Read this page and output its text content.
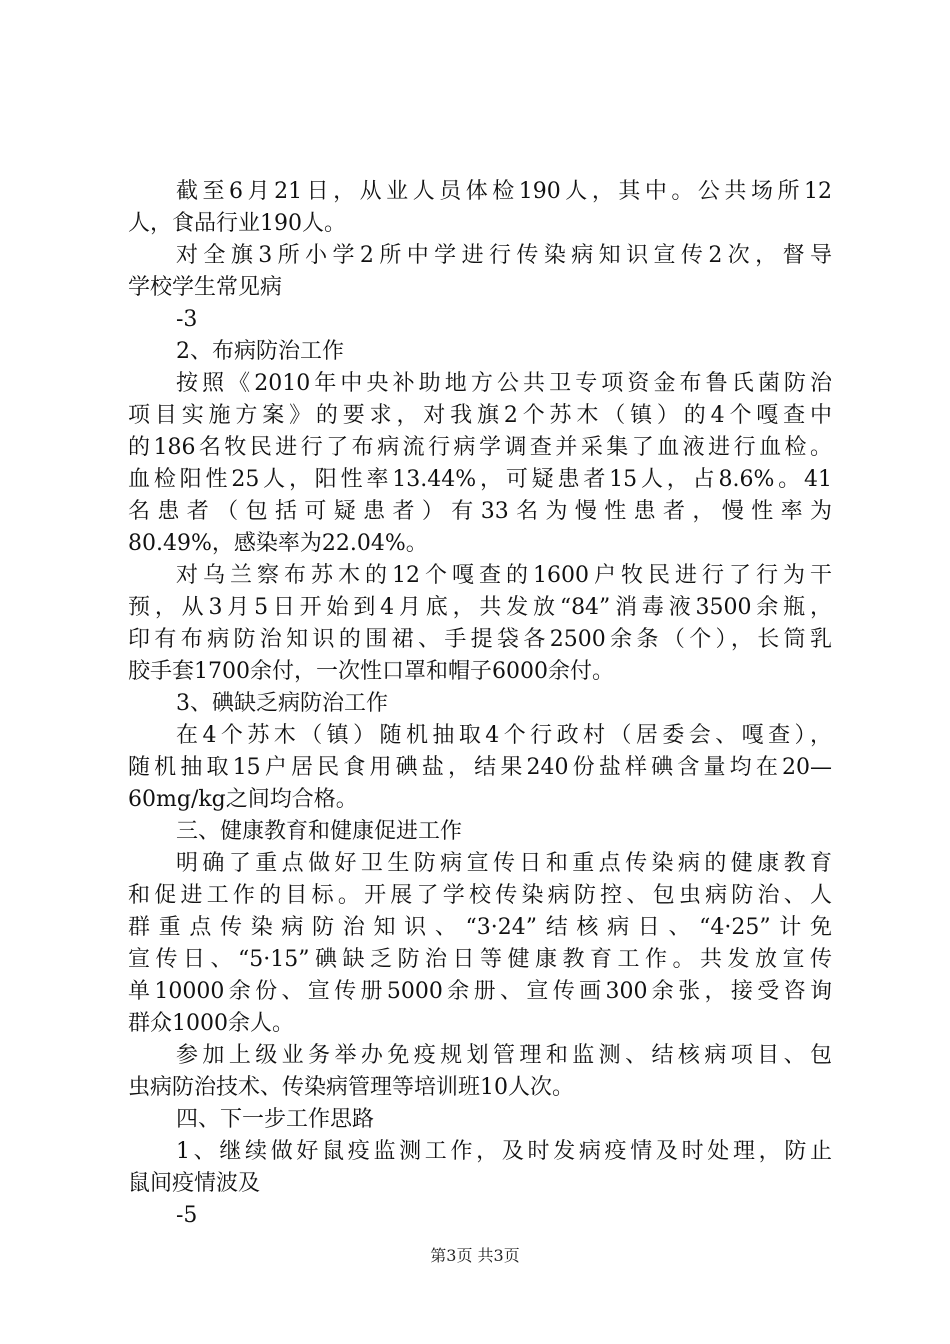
截至6月21日，从业人员体检190人，其中。公共场所12
人，食品行业190人。
对全旗3所小学2所中学进行传染病知识宣传2次，督导
学校学生常见病
-3
2、布病防治工作
按照《2010年中央补助地方公共卫专项资金布鲁氏菌防治
项目实施方案》的要求，对我旗2个苏木（镇）的4个嘎查中
的186名牧民进行了布病流行病学调查并采集了血液进行血检。
血检阳性25人，阳性率13.44%，可疑患者15人，占8.6%。41
名患者（包括可疑患者）有33名为慢性患者，慢性率为
80.49%，感染率为22.04%。
对乌兰察布苏木的12个嘎查的1600户牧民进行了行为干
预，从3月5日开始到4月底，共发放“84”消毒液3500余瓶，
印有布病防治知识的围裙、手提袋各2500余条（个），长筒乳
胶手套1700余付，一次性口罩和帽子6000余付。
3、碘缺乏病防治工作
在4个苏木（镇）随机抽取4个行政村（居委会、嘎查），
随机抽取15户居民食用碘盐，结果240份盐样碘含量均在20—
60mg/kg之间均合格。
三、健康教育和健康促进工作
明确了重点做好卫生防病宣传日和重点传染病的健康教育
和促进工作的目标。开展了学校传染病防控、包虫病防治、人
群重点传染病防治知识、“3·24”结核病日、“4·25”计免
宣传日、“5·15”碘缺乏防治日等健康教育工作。共发放宣传
单10000余份、宣传册5000余册、宣传画300余张，接受咨询
群众1000余人。
参加上级业务举办免疫规划管理和监测、结核病项目、包
虫病防治技术、传染病管理等培训班10人次。
四、下一步工作思路
1、继续做好鼠疫监测工作，及时发病疫情及时处理，防止
鼠间疫情波及
-5
第3页 共3页
